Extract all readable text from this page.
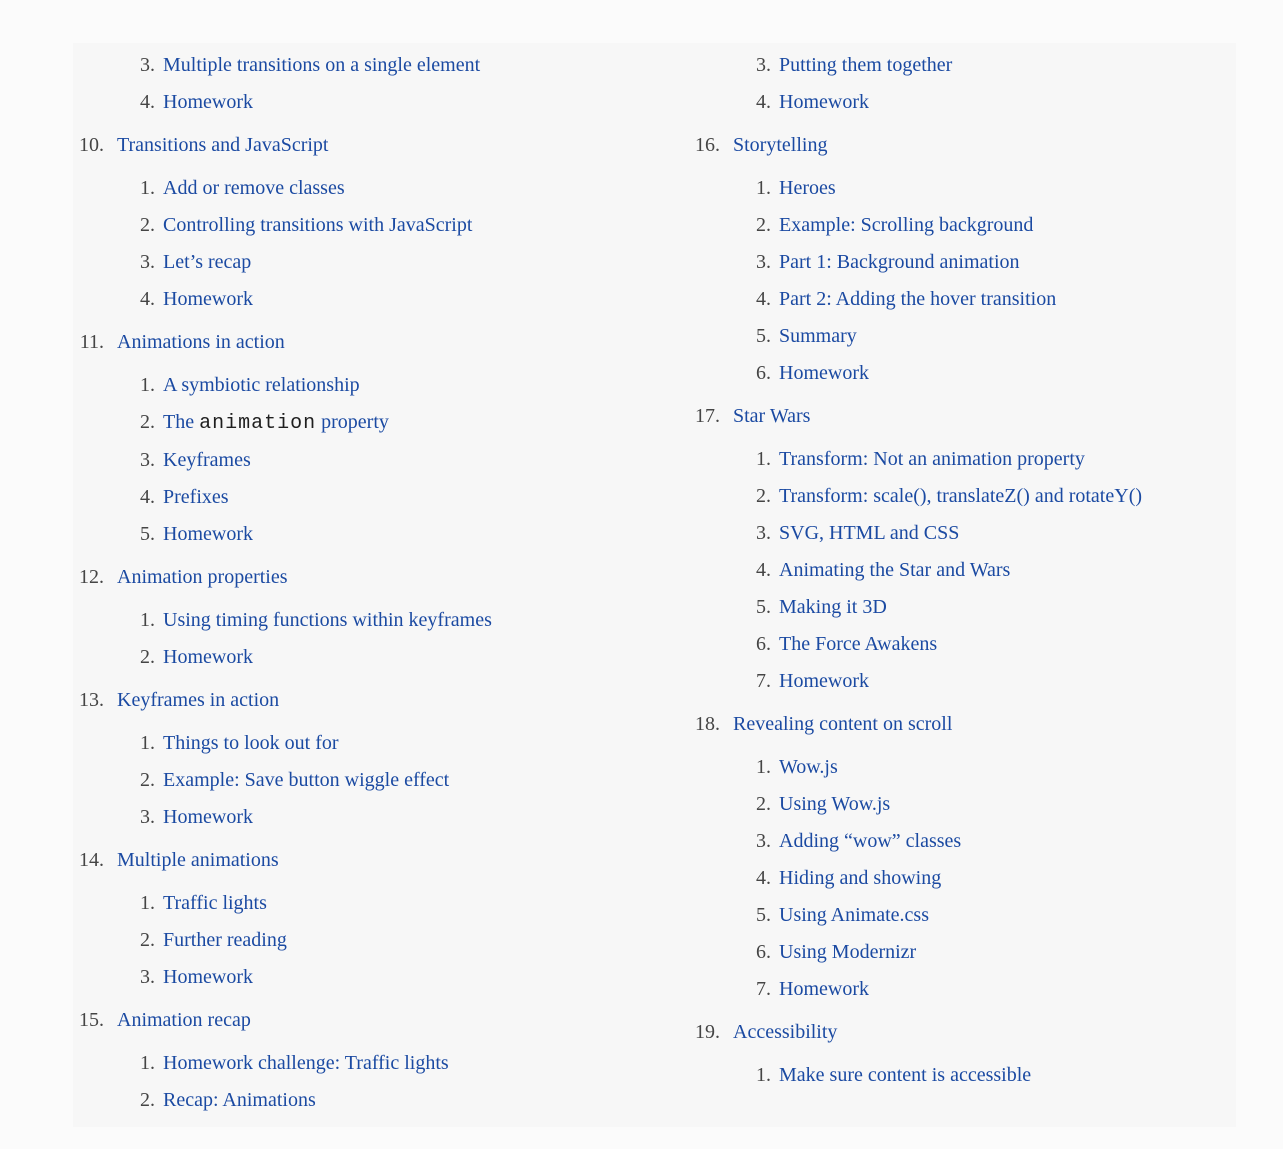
3. Multiple transitions on a single element
4. Homework
10. Transitions and JavaScript
1. Add or remove classes
2. Controlling transitions with JavaScript
3. Let’s recap
4. Homework
11. Animations in action
1. A symbiotic relationship
2. The animation property
3. Keyframes
4. Prefixes
5. Homework
12. Animation properties
1. Using timing functions within keyframes
2. Homework
13. Keyframes in action
1. Things to look out for
2. Example: Save button wiggle effect
3. Homework
14. Multiple animations
1. Traffic lights
2. Further reading
3. Homework
15. Animation recap
1. Homework challenge: Traffic lights
2. Recap: Animations
3. Putting them together
4. Homework
16. Storytelling
1. Heroes
2. Example: Scrolling background
3. Part 1: Background animation
4. Part 2: Adding the hover transition
5. Summary
6. Homework
17. Star Wars
1. Transform: Not an animation property
2. Transform: scale(), translateZ() and rotateY()
3. SVG, HTML and CSS
4. Animating the Star and Wars
5. Making it 3D
6. The Force Awakens
7. Homework
18. Revealing content on scroll
1. Wow.js
2. Using Wow.js
3. Adding “wow” classes
4. Hiding and showing
5. Using Animate.css
6. Using Modernizr
7. Homework
19. Accessibility
1. Make sure content is accessible
